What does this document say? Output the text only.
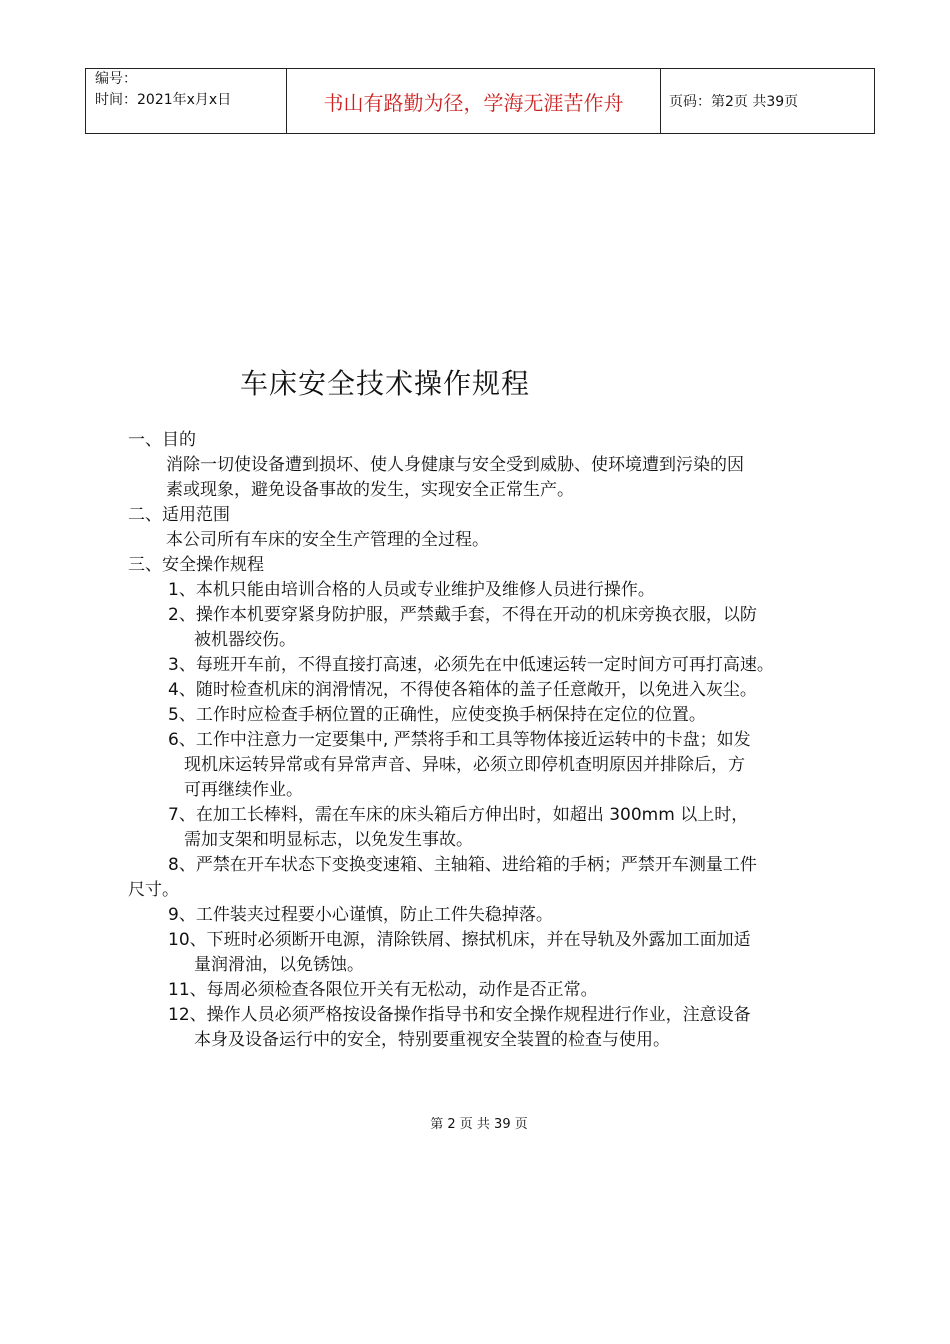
编号：
时间：2021年x月x日	书山有路勤为径，学海无涯苦作舟	页码：第2页 共39页
车床安全技术操作规程
一、目的
消除一切使设备遭到损坏、使人身健康与安全受到威胁、使环境遭到污染的因
素或现象，避免设备事故的发生，实现安全正常生产。
二、适用范围
本公司所有车床的安全生产管理的全过程。
三、安全操作规程
1、本机只能由培训合格的人员或专业维护及维修人员进行操作。
2、操作本机要穿紧身防护服，严禁戴手套，不得在开动的机床旁换衣服，以防
被机器绞伤。
3、每班开车前，不得直接打高速，必须先在中低速运转一定时间方可再打高速。
4、随时检查机床的润滑情况，不得使各箱体的盖子任意敞开，以免进入灰尘。
5、工作时应检查手柄位置的正确性，应使变换手柄保持在定位的位置。
6、工作中注意力一定要集中, 严禁将手和工具等物体接近运转中的卡盘；如发
现机床运转异常或有异常声音、异味，必须立即停机查明原因并排除后，方
可再继续作业。
7、在加工长棒料，需在车床的床头箱后方伸出时，如超出 300mm 以上时，
需加支架和明显标志，以免发生事故。
8、严禁在开车状态下变换变速箱、主轴箱、进给箱的手柄；严禁开车测量工件
尺寸。
9、工件装夹过程要小心谨慎，防止工件失稳掉落。
10、下班时必须断开电源，清除铁屑、擦拭机床，并在导轨及外露加工面加适
量润滑油，以免锈蚀。
11、每周必须检查各限位开关有无松动，动作是否正常。
12、操作人员必须严格按设备操作指导书和安全操作规程进行作业，注意设备
本身及设备运行中的安全，特别要重视安全装置的检查与使用。
第 2 页 共 39 页
